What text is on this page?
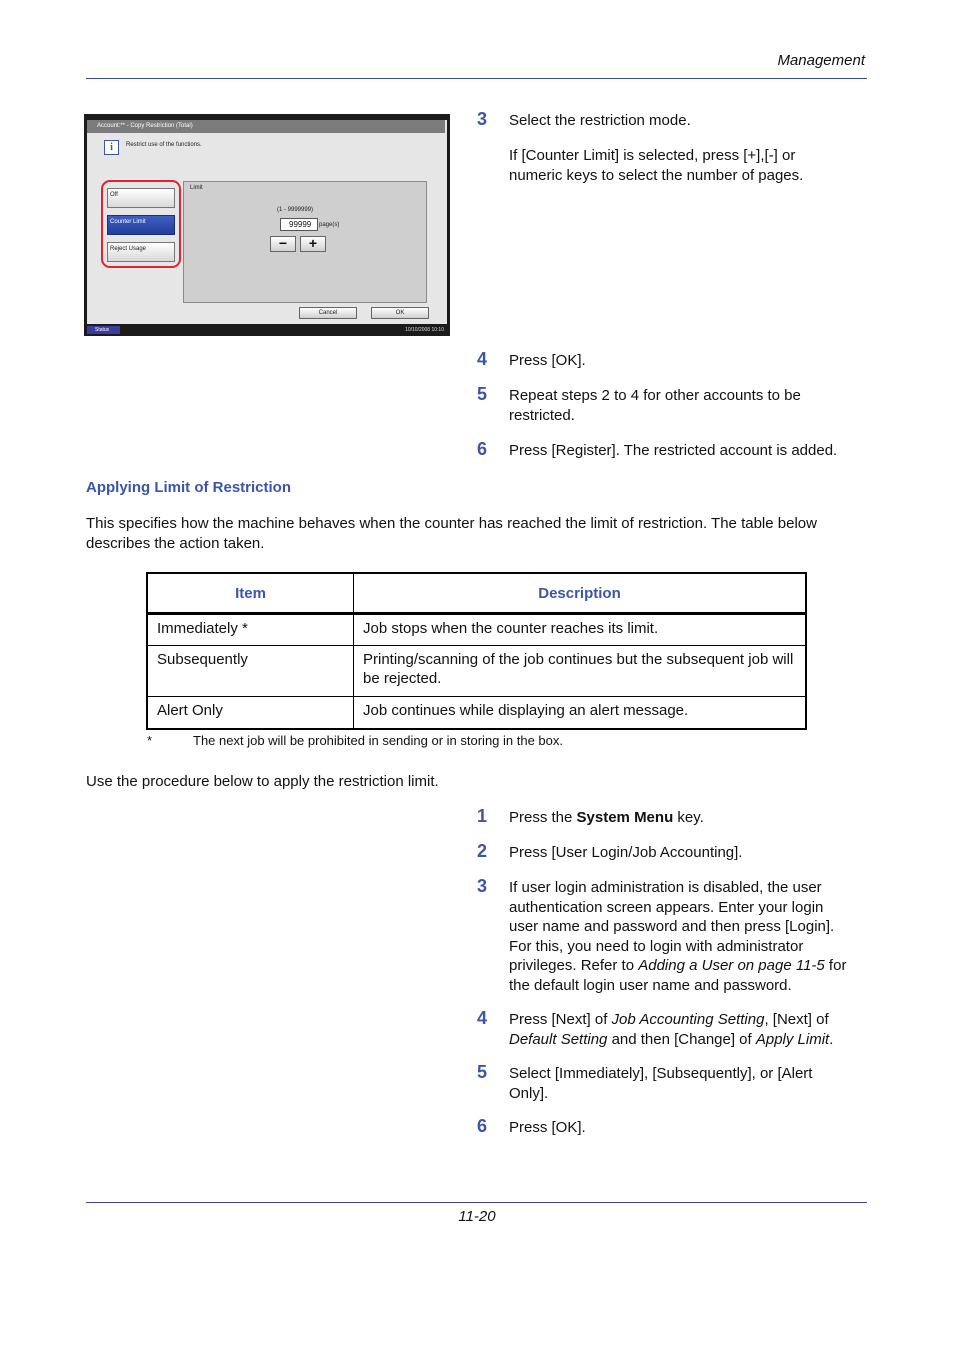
Management
Account:** - Copy Restriction (Total)
i	Restrict use of the functions.
Off
Counter Limit
Reject Usage
Limit
(1 - 9999999)
99999	page(s)
−	+
Cancel	OK
Status	10/10/2008 10:10
3	Select the restriction mode.
If [Counter Limit] is selected, press [+],[-] or
numeric keys to select the number of pages.
4	Press [OK].
5	Repeat steps 2 to 4 for other accounts to be
restricted.
6	Press [Register]. The restricted account is added.
Applying Limit of Restriction
This specifies how the machine behaves when the counter has reached the limit of restriction. The table below
describes the action taken.
Item	Description
Immediately *	Job stops when the counter reaches its limit.
Subsequently	Printing/scanning of the job continues but the subsequent job will be rejected.
Alert Only	Job continues while displaying an alert message.
*	The next job will be prohibited in sending or in storing in the box.
Use the procedure below to apply the restriction limit.
1	Press the System Menu key.
2	Press [User Login/Job Accounting].
3	If user login administration is disabled, the user
authentication screen appears. Enter your login
user name and password and then press [Login].
For this, you need to login with administrator
privileges. Refer to Adding a User on page 11-5 for
the default login user name and password.
4	Press [Next] of Job Accounting Setting, [Next] of
Default Setting and then [Change] of Apply Limit.
5	Select [Immediately], [Subsequently], or [Alert
Only].
6	Press [OK].
11-20
